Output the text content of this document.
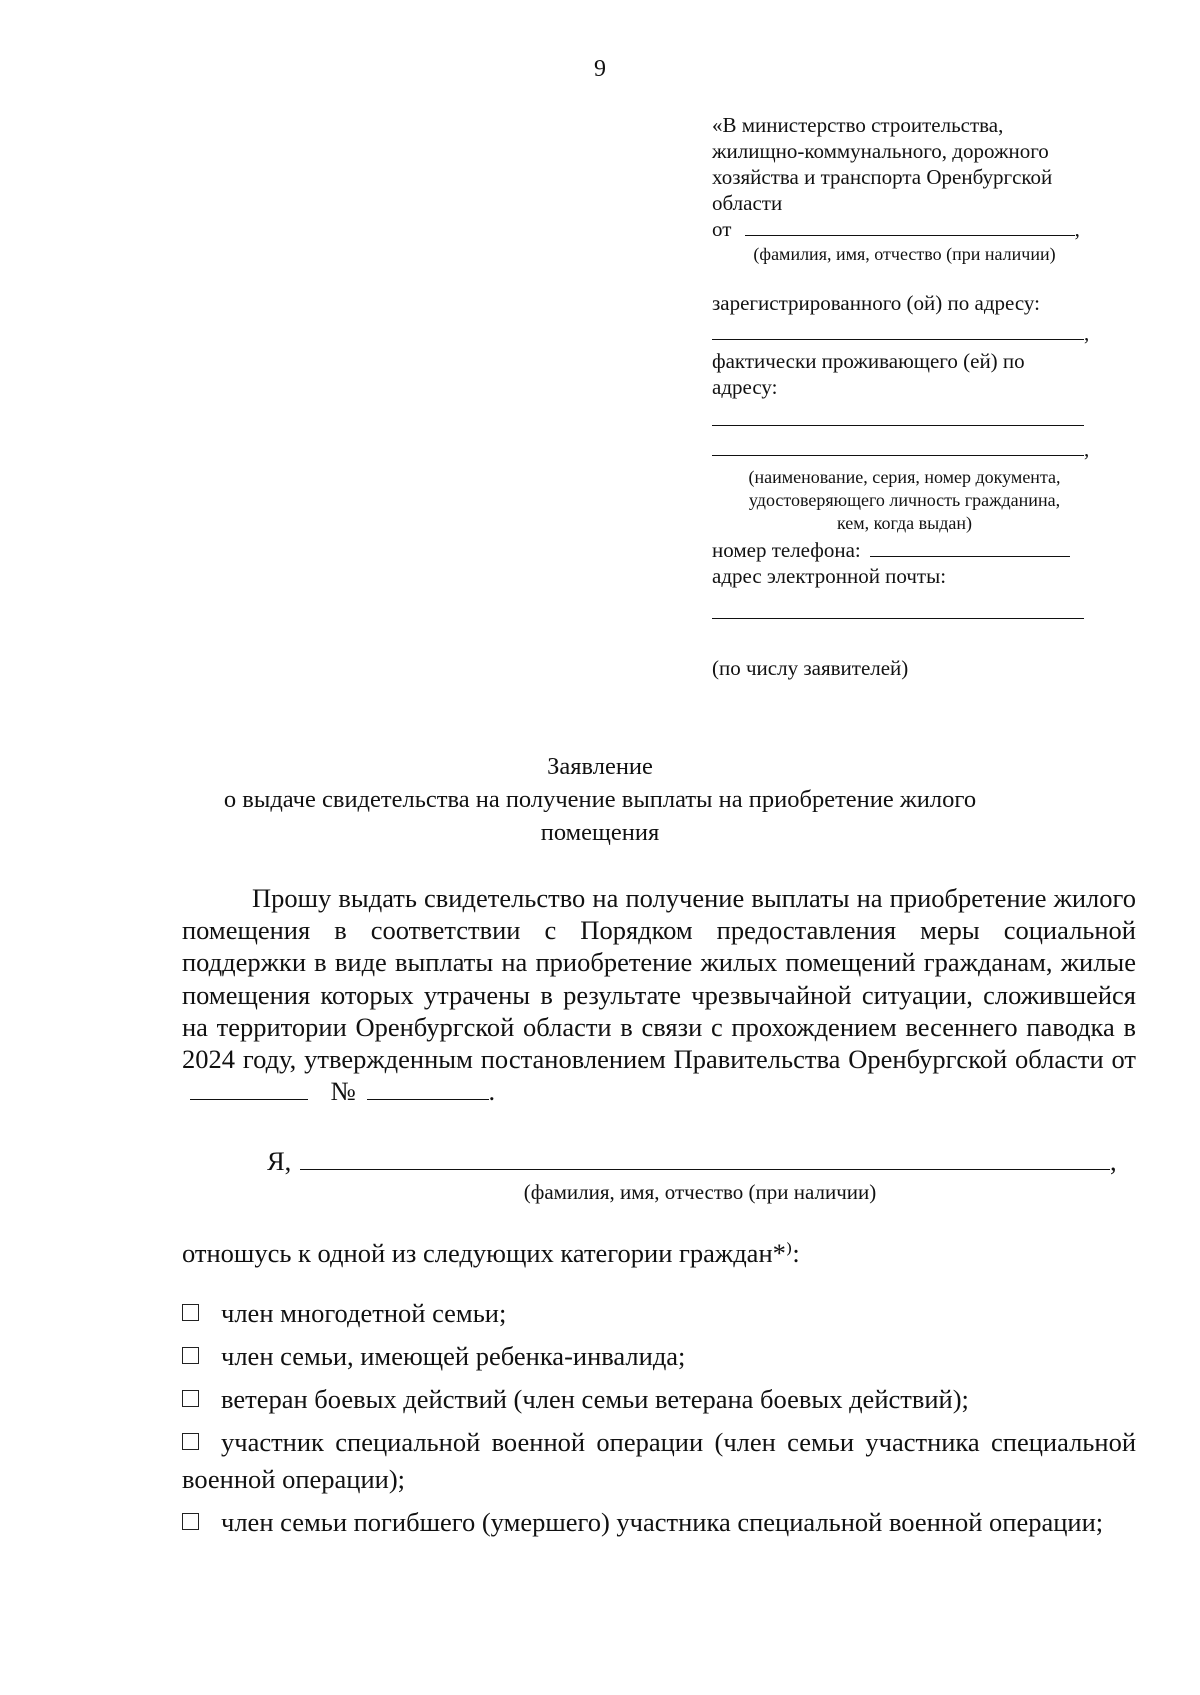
9
«В министерство строительства,
жилищно-коммунального, дорожного
хозяйства и транспорта Оренбургской
области
от	,
(фамилия, имя, отчество (при наличии)
зарегистрированного (ой) по адресу:
,
фактически проживающего (ей) по
адресу:
,
(наименование, серия, номер документа,
удостоверяющего личность гражданина,
кем, когда выдан)
номер телефона:
адрес электронной почты:
(по числу заявителей)
Заявление
о выдаче свидетельства на получение выплаты на приобретение жилого
помещения
Прошу выдать свидетельство на получение выплаты на приобретение жилого помещения в соответствии с Порядком предоставления меры социальной поддержки в виде выплаты на приобретение жилых помещений гражданам, жилые помещения которых утрачены в результате чрезвычайной ситуации, сложившейся на территории Оренбургской области в связи с прохождением весеннего паводка в 2024 году, утвержденным постановлением Правительства Оренбургской области от  №	.
Я,	,
(фамилия, имя, отчество (при наличии)
отношусь к одной из следующих категории граждан*⁾:
член многодетной семьи;
член семьи, имеющей ребенка-инвалида;
ветеран боевых действий (член семьи ветерана боевых действий);
участник специальной военной операции (член семьи участника специальной военной операции);
член семьи погибшего (умершего) участника специальной военной операции;
